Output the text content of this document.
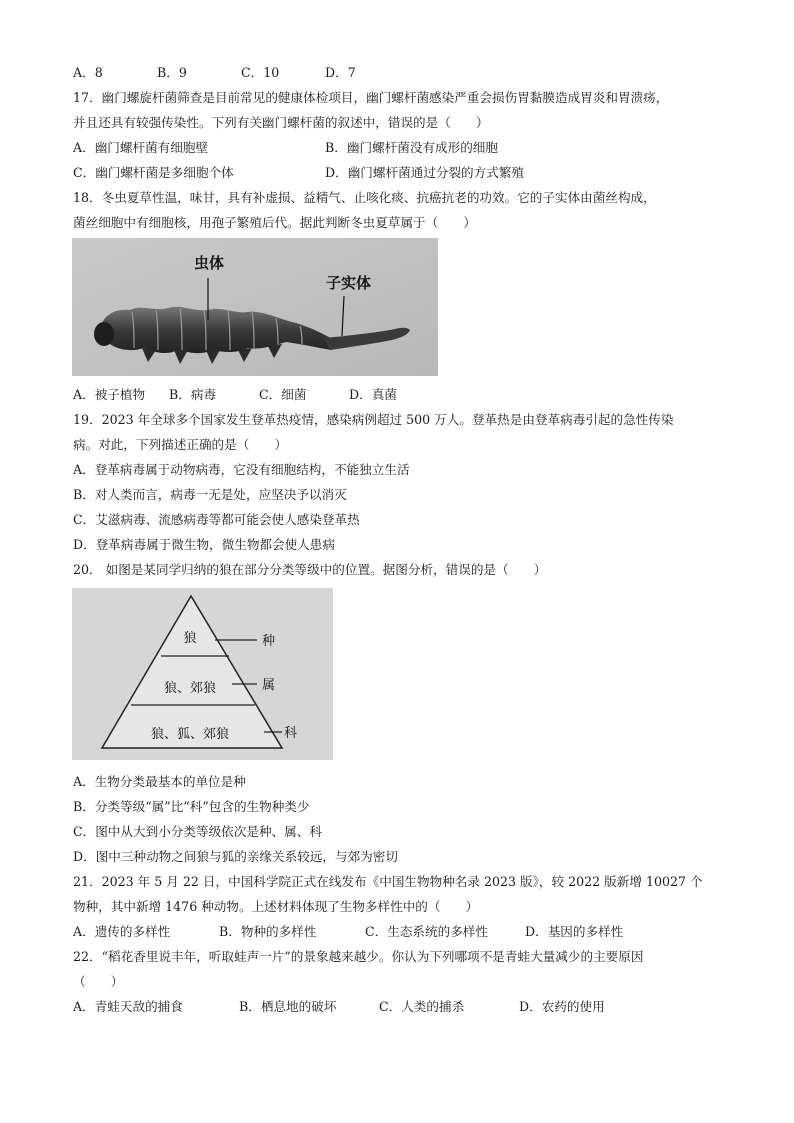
A．8	B．9	C．10	D．7
17．幽门螺旋杆菌筛查是目前常见的健康体检项目，幽门螺杆菌感染严重会损伤胃黏膜造成胃炎和胃溃疡，
并且还具有较强传染性。下列有关幽门螺杆菌的叙述中，错误的是（　　）
A．幽门螺杆菌有细胞壁	B．幽门螺杆菌没有成形的细胞
C．幽门螺杆菌是多细胞个体	D．幽门螺杆菌通过分裂的方式繁殖
18．冬虫夏草性温，味甘，具有补虚损、益精气、止咳化痰、抗癌抗老的功效。它的子实体由菌丝构成，
菌丝细胞中有细胞核，用孢子繁殖后代。据此判断冬虫夏草属于（　　）
虫体
子实体
A．被子植物 B．病毒	C．细菌	D．真菌
19．2023 年全球多个国家发生登革热疫情，感染病例超过 500 万人。登革热是由登革病毒引起的急性传染
病。对此，下列描述正确的是（　　）
A．登革病毒属于动物病毒，它没有细胞结构，不能独立生活
B．对人类而言，病毒一无是处，应坚决予以消灭
C．艾滋病毒、流感病毒等都可能会使人感染登革热
D．登革病毒属于微生物，微生物都会使人患病
20． 如图是某同学归纳的狼在部分分类等级中的位置。据图分析，错误的是（　　）
狼
狼、郊狼
狼、狐、郊狼
种
属
科
A．生物分类最基本的单位是种
B．分类等级“属”比“科”包含的生物种类少
C．图中从大到小分类等级依次是种、属、科
D．图中三种动物之间狼与狐的亲缘关系较远，与郊为密切
21．2023 年 5 月 22 日，中国科学院正式在线发布《中国生物物种名录 2023 版》，较 2022 版新增 10027 个
物种，其中新增 1476 种动物。上述材料体现了生物多样性中的（　　）
A．遗传的多样性	B．物种的多样性	C．生态系统的多样性	D．基因的多样性
22．“稻花香里说丰年，听取蛙声一片”的景象越来越少。你认为下列哪项不是青蛙大量减少的主要原因
（　　）
A．青蛙天敌的捕食	B．栖息地的破坏	C．人类的捕杀	D．农药的使用
